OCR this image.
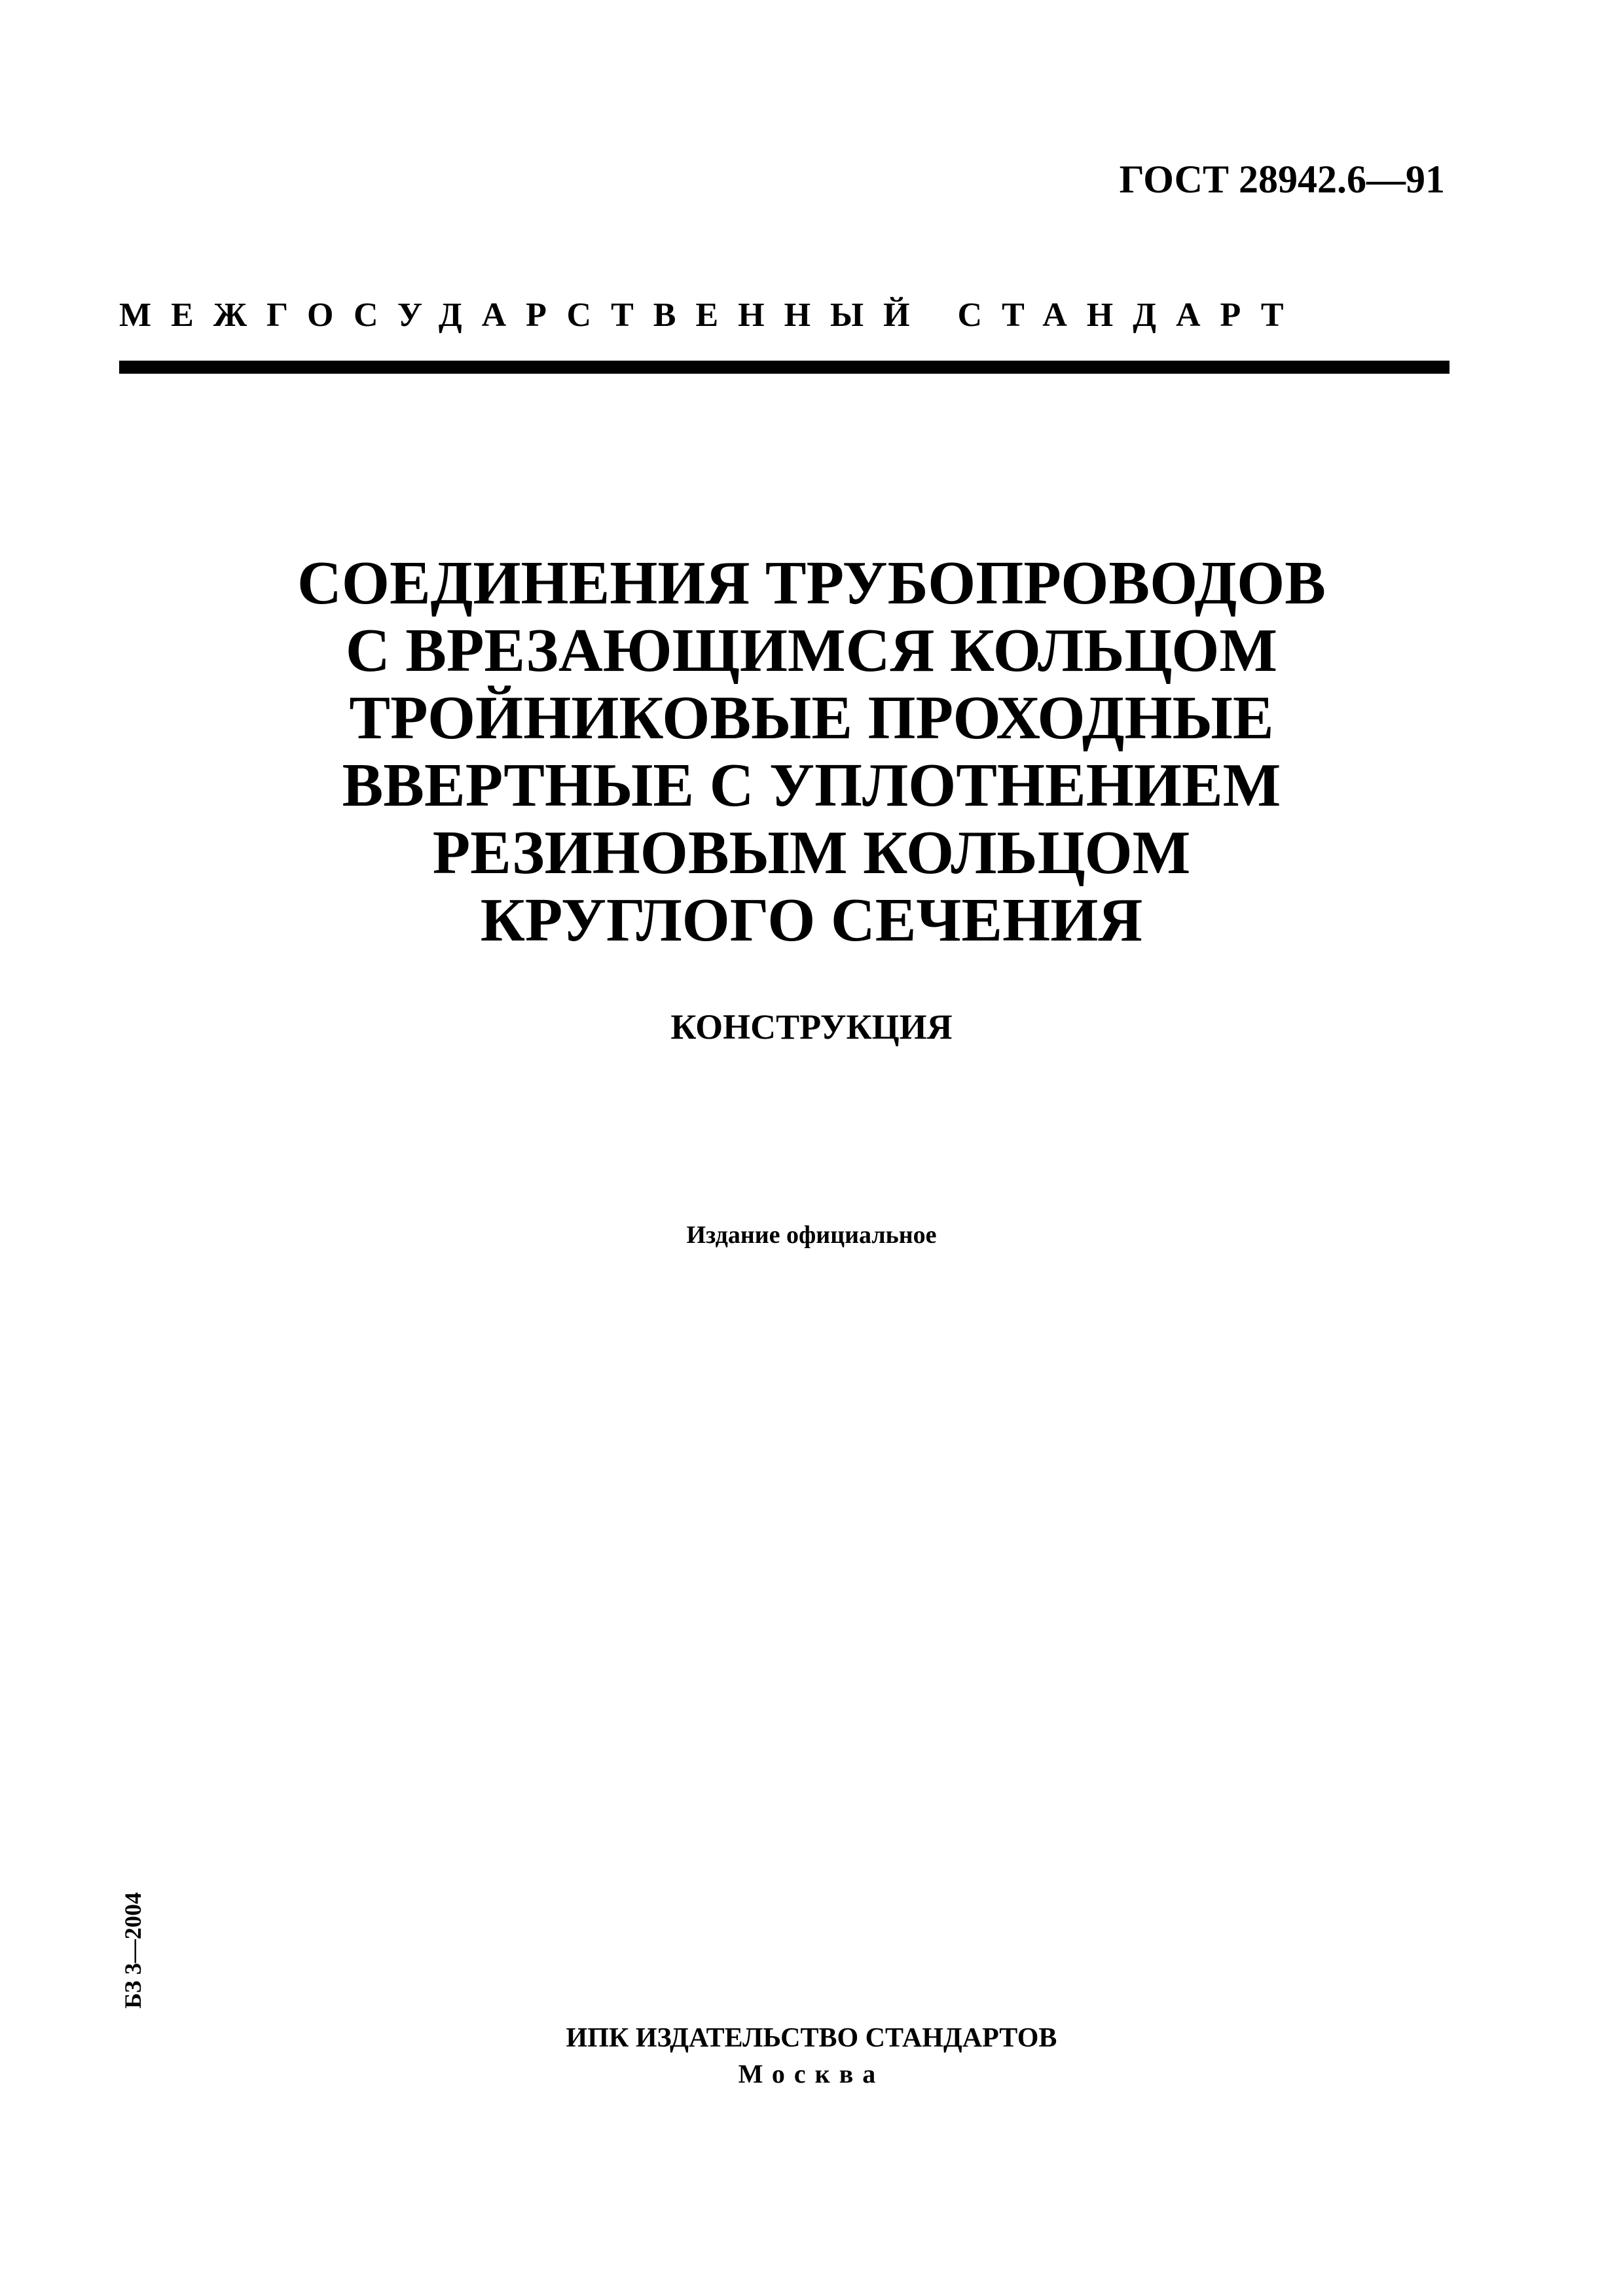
ГОСТ 28942.6—91
МЕЖГОСУДАРСТВЕННЫЙ СТАНДАРТ
СОЕДИНЕНИЯ ТРУБОПРОВОДОВ
С ВРЕЗАЮЩИМСЯ КОЛЬЦОМ
ТРОЙНИКОВЫЕ ПРОХОДНЫЕ
ВВЕРТНЫЕ С УПЛОТНЕНИЕМ
РЕЗИНОВЫМ КОЛЬЦОМ
КРУГЛОГО СЕЧЕНИЯ
КОНСТРУКЦИЯ
Издание официальное
БЗ 3—2004
ИПК ИЗДАТЕЛЬСТВО СТАНДАРТОВ
Москва
